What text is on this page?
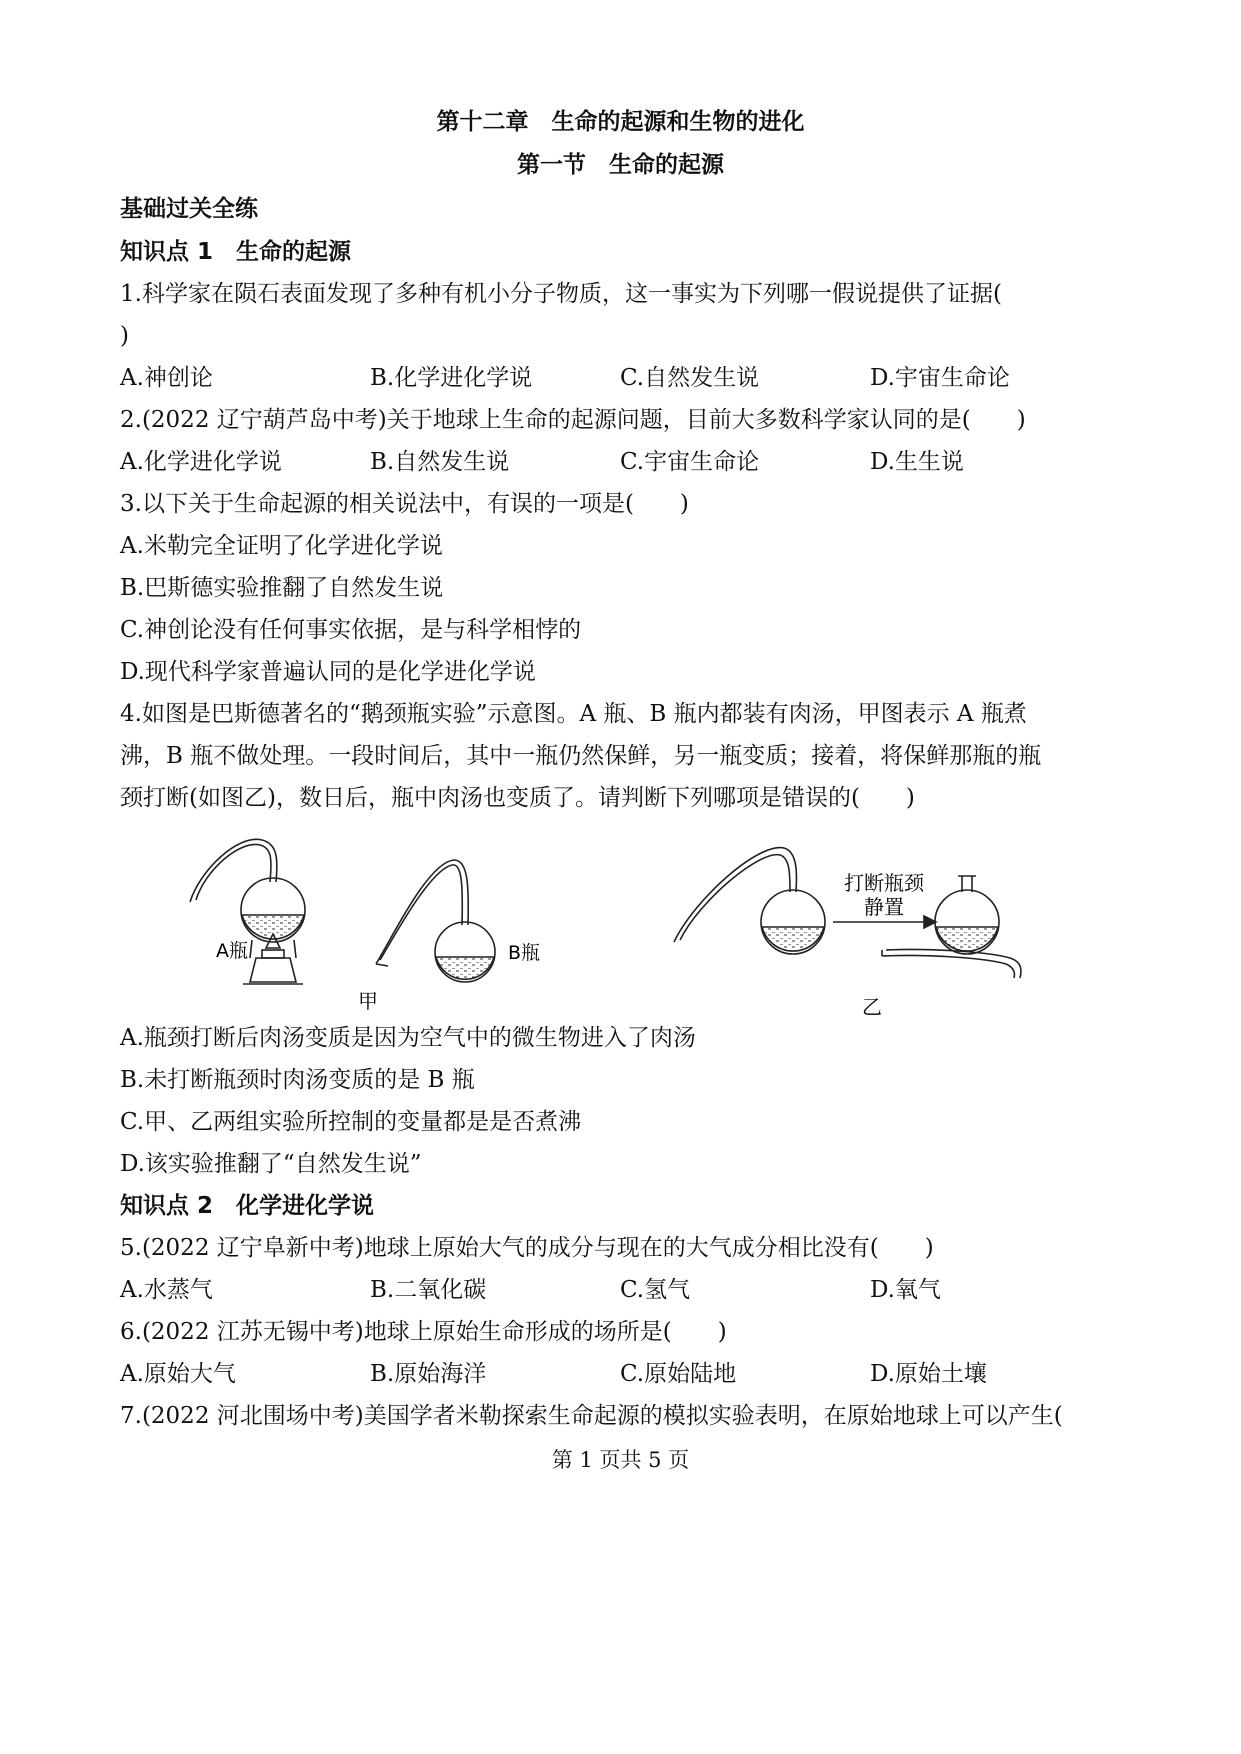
第十二章　生命的起源和生物的进化
第一节　生命的起源
基础过关全练
知识点 1　生命的起源
1.科学家在陨石表面发现了多种有机小分子物质，这一事实为下列哪一假说提供了证据(
)
A.神创论	B.化学进化学说	C.自然发生说	D.宇宙生命论
2.(2022 辽宁葫芦岛中考)关于地球上生命的起源问题，目前大多数科学家认同的是(　　)
A.化学进化学说	B.自然发生说	C.宇宙生命论	D.生生说
3.以下关于生命起源的相关说法中，有误的一项是(　　)
A.米勒完全证明了化学进化学说
B.巴斯德实验推翻了自然发生说
C.神创论没有任何事实依据，是与科学相悖的
D.现代科学家普遍认同的是化学进化学说
4.如图是巴斯德著名的“鹅颈瓶实验”示意图。A 瓶、B 瓶内都装有肉汤，甲图表示 A 瓶煮
沸，B 瓶不做处理。一段时间后，其中一瓶仍然保鲜，另一瓶变质；接着，将保鲜那瓶的瓶
颈打断(如图乙)，数日后，瓶中肉汤也变质了。请判断下列哪项是错误的(　　)
打断瓶颈
静置
A瓶	B瓶
甲	乙
A.瓶颈打断后肉汤变质是因为空气中的微生物进入了肉汤
B.未打断瓶颈时肉汤变质的是 B 瓶
C.甲、乙两组实验所控制的变量都是是否煮沸
D.该实验推翻了“自然发生说”
知识点 2　化学进化学说
5.(2022 辽宁阜新中考)地球上原始大气的成分与现在的大气成分相比没有(　　)
A.水蒸气	B.二氧化碳	C.氢气	D.氧气
6.(2022 江苏无锡中考)地球上原始生命形成的场所是(　　)
A.原始大气	B.原始海洋	C.原始陆地	D.原始土壤
7.(2022 河北围场中考)美国学者米勒探索生命起源的模拟实验表明，在原始地球上可以产生(
第 1 页共 5 页
